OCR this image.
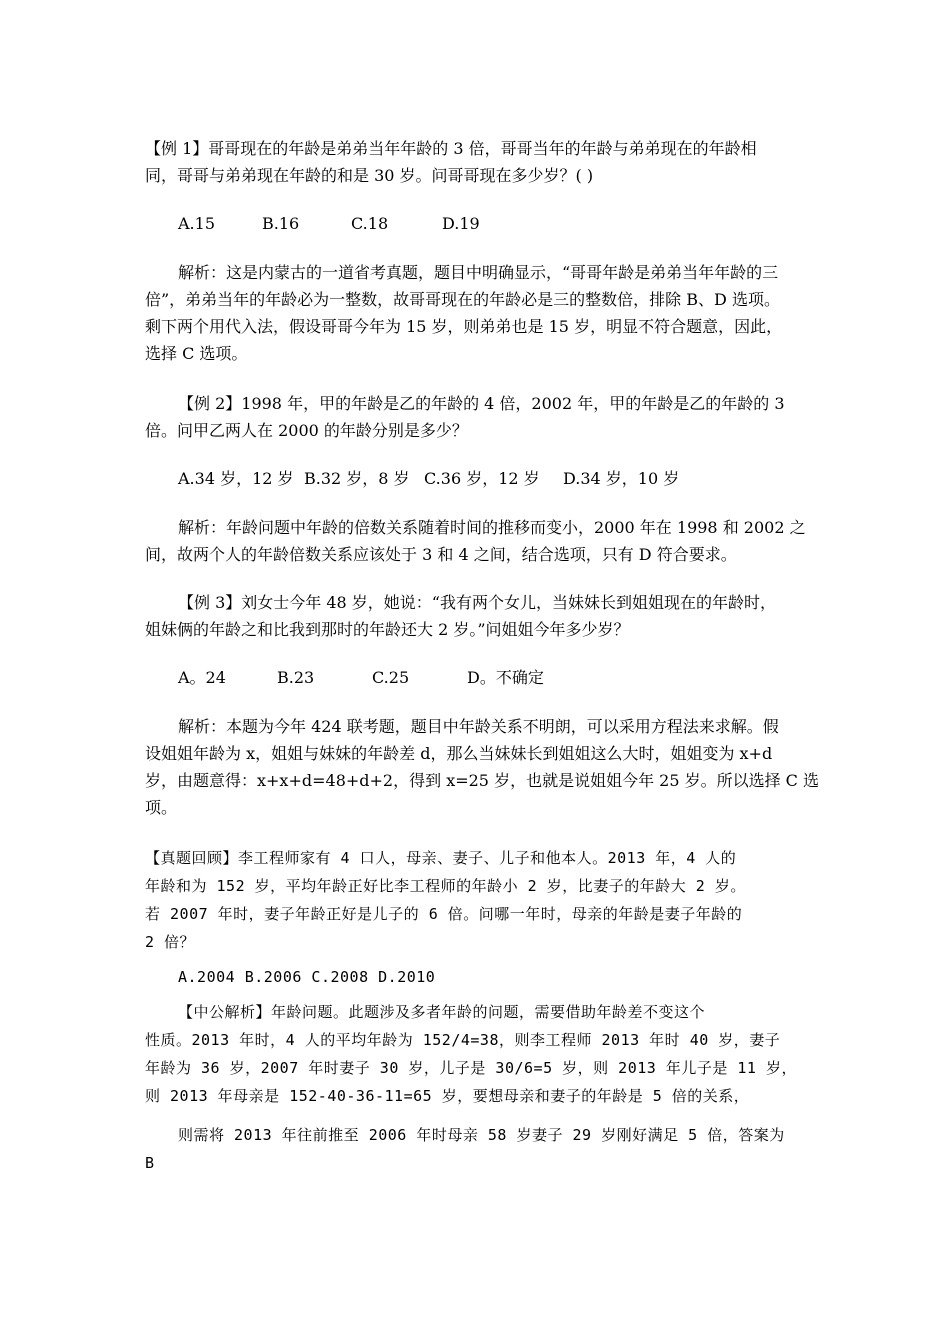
【例 1】哥哥现在的年龄是弟弟当年年龄的 3 倍，哥哥当年的年龄与弟弟现在的年龄相
同，哥哥与弟弟现在年龄的和是 30 岁。问哥哥现在多少岁？( )
A.15	B.16	C.18	D.19
解析：这是内蒙古的一道省考真题，题目中明确显示，“哥哥年龄是弟弟当年年龄的三
倍”，弟弟当年的年龄必为一整数，故哥哥现在的年龄必是三的整数倍，排除 B、D 选项。
剩下两个用代入法，假设哥哥今年为 15 岁，则弟弟也是 15 岁，明显不符合题意，因此，
选择 C 选项。
【例 2】1998 年，甲的年龄是乙的年龄的 4 倍，2002 年，甲的年龄是乙的年龄的 3
倍。问甲乙两人在 2000 的年龄分别是多少？
A.34 岁，12 岁 B.32 岁，8 岁 C.36 岁，12 岁 D.34 岁，10 岁
解析：年龄问题中年龄的倍数关系随着时间的推移而变小，2000 年在 1998 和 2002 之
间，故两个人的年龄倍数关系应该处于 3 和 4 之间，结合选项，只有 D 符合要求。
【例 3】刘女士今年 48 岁，她说：“我有两个女儿，当妹妹长到姐姐现在的年龄时，
姐妹俩的年龄之和比我到那时的年龄还大 2 岁。”问姐姐今年多少岁？
A。24	B.23	C.25	D。不确定
解析：本题为今年 424 联考题，题目中年龄关系不明朗，可以采用方程法来求解。假
设姐姐年龄为 x，姐姐与妹妹的年龄差 d，那么当妹妹长到姐姐这么大时，姐姐变为 x+d
岁，由题意得：x+x+d=48+d+2，得到 x=25 岁，也就是说姐姐今年 25 岁。所以选择 C 选
项。
【真题回顾】李工程师家有 4 口人，母亲、妻子、儿子和他本人。2013 年，4 人的
年龄和为 152 岁，平均年龄正好比李工程师的年龄小 2 岁，比妻子的年龄大 2 岁。
若 2007 年时，妻子年龄正好是儿子的 6 倍。问哪一年时，母亲的年龄是妻子年龄的
2 倍？
A.2004 B.2006 C.2008 D.2010
【中公解析】年龄问题。此题涉及多者年龄的问题，需要借助年龄差不变这个
性质。2013 年时，4 人的平均年龄为 152/4=38，则李工程师 2013 年时 40 岁，妻子
年龄为 36 岁，2007 年时妻子 30 岁，儿子是 30/6=5 岁，则 2013 年儿子是 11 岁，
则 2013 年母亲是 152-40-36-11=65 岁，要想母亲和妻子的年龄是 5 倍的关系，
则需将 2013 年往前推至 2006 年时母亲 58 岁妻子 29 岁刚好满足 5 倍，答案为
B
